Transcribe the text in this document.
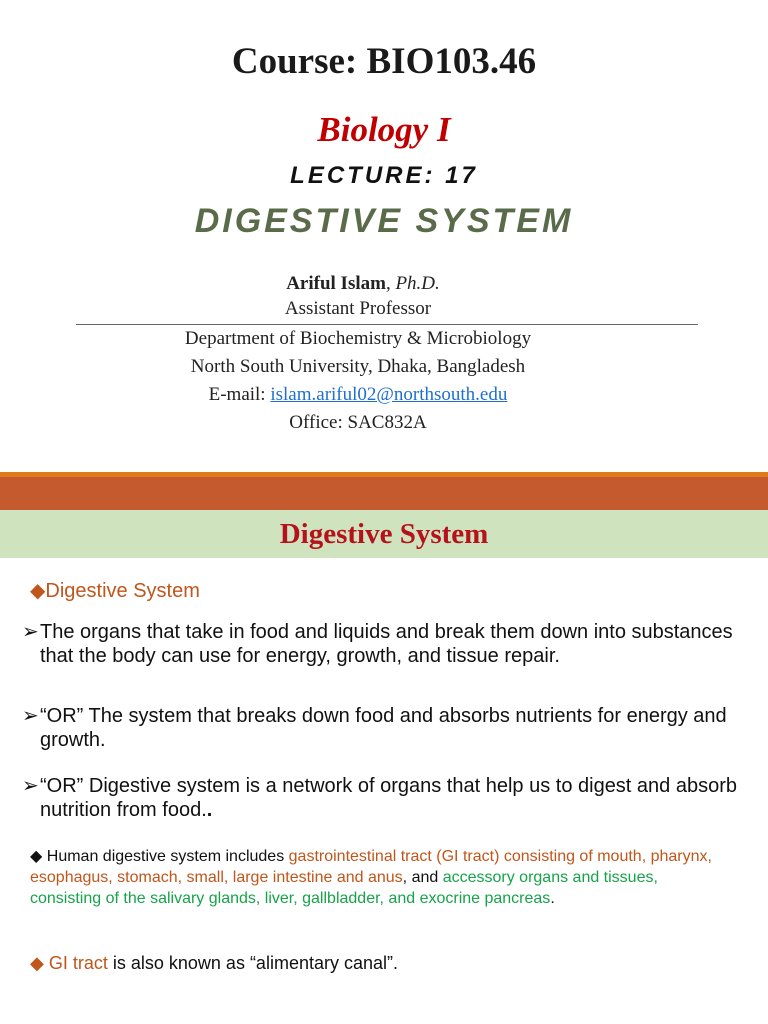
Course: BIO103.46
Biology I
LECTURE: 17
DIGESTIVE SYSTEM
Ariful Islam, Ph.D.
Assistant Professor
Department of Biochemistry & Microbiology
North South University, Dhaka, Bangladesh
E-mail: islam.ariful02@northsouth.edu
Office: SAC832A
Digestive System
◆Digestive System
➢ The organs that take in food and liquids and break them down into substances that the body can use for energy, growth, and tissue repair.
➢ “OR” The system that breaks down food and absorbs nutrients for energy and growth.
➢ “OR” Digestive system is a network of organs that help us to digest and absorb nutrition from food..
◆ Human digestive system includes gastrointestinal tract (GI tract) consisting of mouth, pharynx, esophagus, stomach, small, large intestine and anus, and accessory organs and tissues, consisting of the salivary glands, liver, gallbladder, and exocrine pancreas.
◆ GI tract is also known as “alimentary canal”.
